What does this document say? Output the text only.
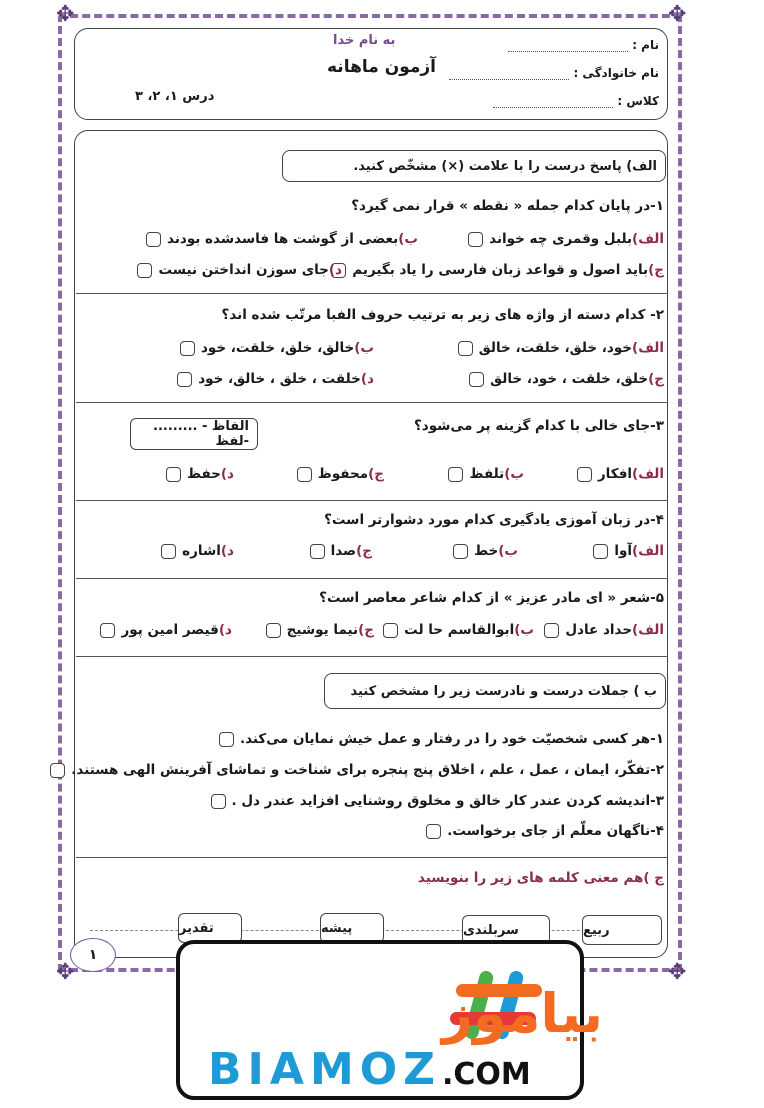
✥	✥
✥	✥
به نام خدا
آزمون ماهانه
درس ۱، ۲، ۳
نام :
نام خانوادگی :
کلاس :
الف) پاسخ درست را با علامت (×) مشخّص کنید.
۱-در پایان کدام جمله « نقطه » قرار نمی گیرد؟
الف)بلبل وقمری چه خواند
ب)بعضی از گوشت ها فاسدشده بودند
ج)باید اصول و قواعد زبان فارسی را یاد بگیریم
د)جای سوزن انداختن نیست
۲- کدام دسته از واژه های زیر به ترتیب حروف الفبا مرتّب شده اند؟
الف)خود، خلق، خلقت، خالق
ب)خالق، خلق، خلقت، خود
ج)خلق، خلقت ، خود، خالق
د)خلقت ، خلق ، خالق، خود
۳-جای خالی با کدام گزینه پر می‌شود؟
الفاظ - ......... -لفظ
الف)افکار
ب)تلفظ
ج)محفوظ
د)حفظ
۴-در زبان آموزی یادگیری کدام مورد دشوارتر است؟
الف)آوا
ب)خط
ج)صدا
د)اشاره
۵-شعر « ای مادر عزیز » از کدام شاعر معاصر است؟
الف)حداد عادل
ب)ابوالقاسم حا لت
ج)نیما یوشیج
د)قیصر امین پور
ب ) جملات درست و نادرست زیر را مشخص کنید
۱-هر کسی شخصیّت خود را در رفتار و عمل خیش نمایان می‌کند.
۲-تفکّر، ایمان ، عمل ، علم ، اخلاق پنج پنجره برای شناخت و تماشای آفرینش الهی هستند.
۳-اندیشه کردن عندر کار خالق و مخلوق روشنایی افزاید عندر دل .
۴-ناگهان معلّم از جای برخواست.
ج )هم معنی کلمه های زیر را بنویسید
ربیع
سربلندی
پیشه
تقدیر
۱
بیاموز
BIAMOZ .COM
